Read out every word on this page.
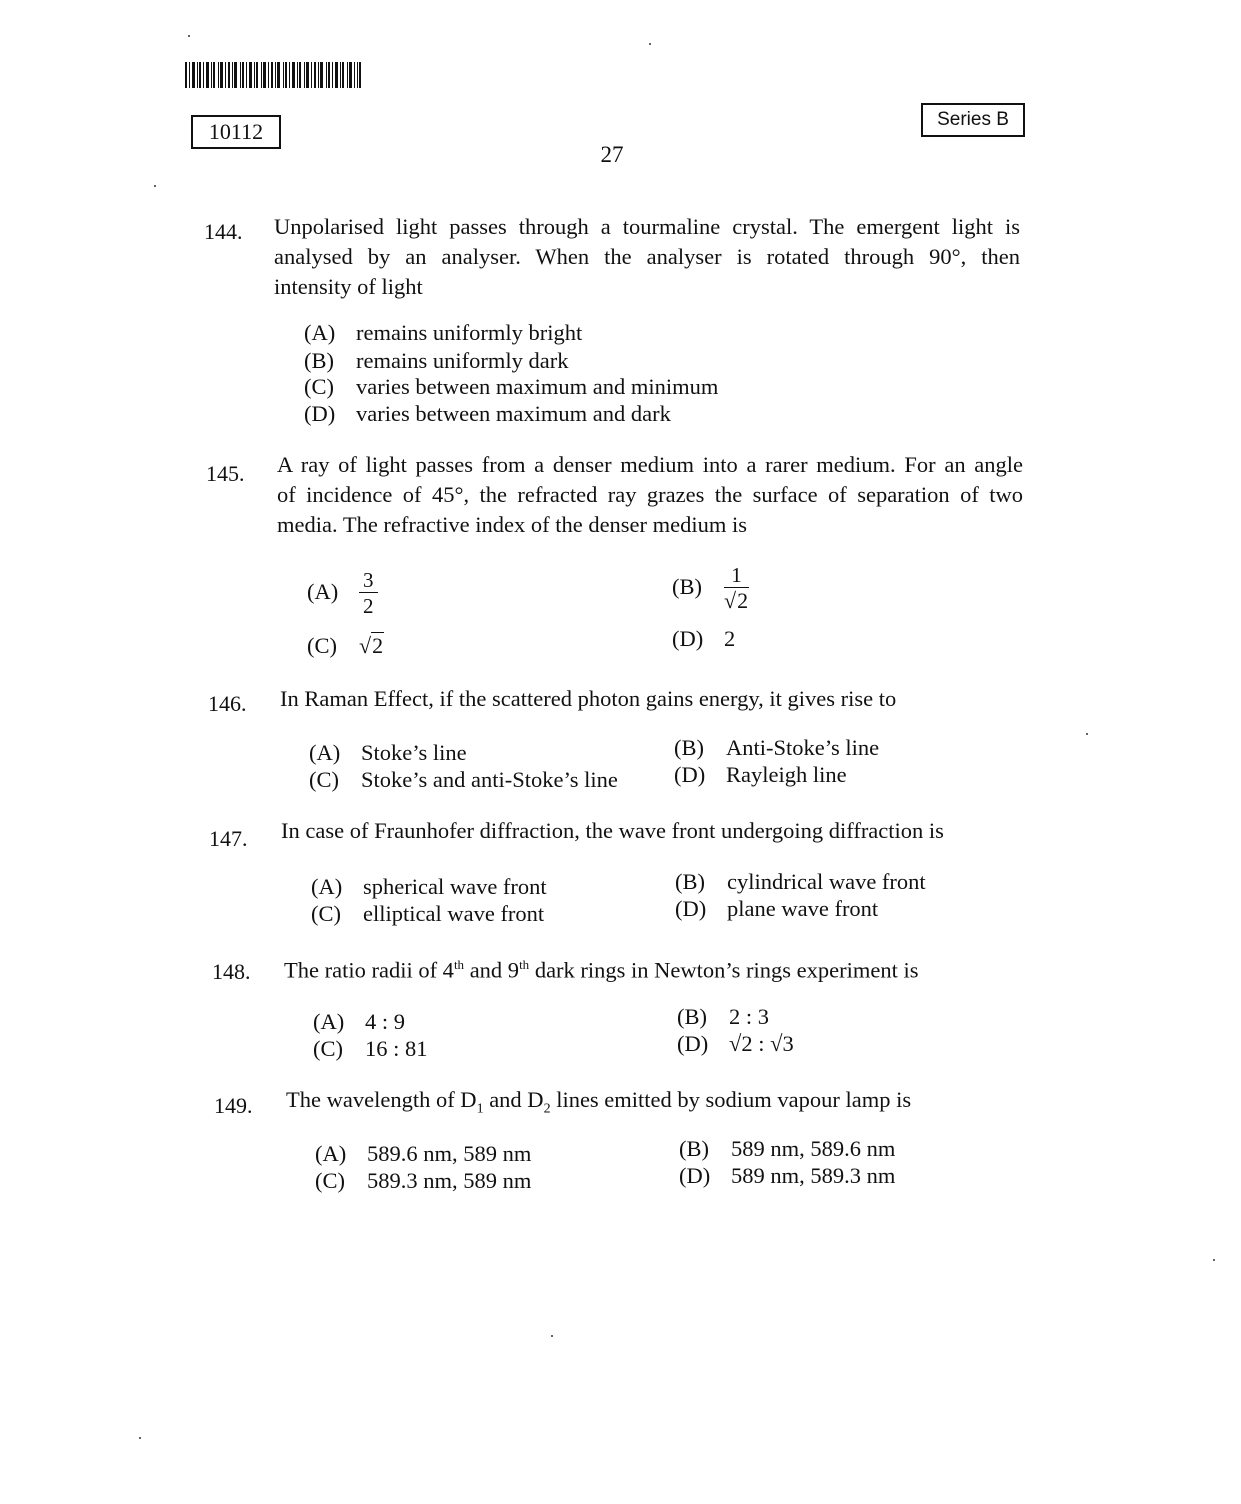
10112	Series B
27
144. Unpolarised light passes through a tourmaline crystal. The emergent light is
analysed by an analyser. When the analyser is rotated through 90°, then
intensity of light
(A) remains uniformly bright
(B) remains uniformly dark
(C) varies between maximum and minimum
(D) varies between maximum and dark
145. A ray of light passes from a denser medium into a rarer medium. For an angle
of incidence of 45°, the refracted ray grazes the surface of separation of two
media. The refractive index of the denser medium is
$(A) \frac{3}{2}$	$(B) \frac{1}{√2}$
(C) √2	(D) 2
146. In Raman Effect, if the scattered photon gains energy, it gives rise to
(A) Stoke’s line	(B) Anti-Stoke’s line
(C) Stoke’s and anti-Stoke’s line (D) Rayleigh line
147. In case of Fraunhofer diffraction, the wave front undergoing diffraction is
(A) spherical wave front	(B) cylindrical wave front
(C) elliptical wave front	(D) plane wave front
148. The ratio radii of 4th and 9th dark rings in Newton’s rings experiment is
(A) 4 : 9	(B) 2 : 3
(C) 16 : 81	(D) √2 : √3
149. The wavelength of $D_1$ and $D_2$ lines emitted by sodium vapour lamp is
(A) 589.6 nm, 589 nm	(B) 589 nm, 589.6 nm
(C) 589.3 nm, 589 nm	(D) 589 nm, 589.3 nm
